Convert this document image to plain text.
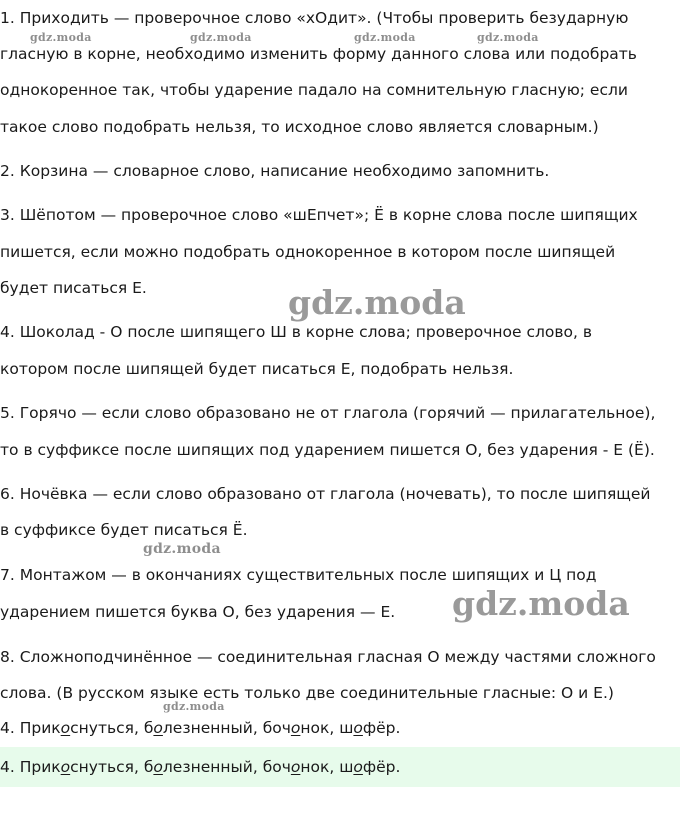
1. Приходить — проверочное слово «хОдит». (Чтобы проверить безударную
гласную в корне, необходимо изменить форму данного слова или подобрать
однокоренное так, чтобы ударение падало на сомнительную гласную; если
такое слово подобрать нельзя, то исходное слово является словарным.)
2. Корзина — словарное слово, написание необходимо запомнить.
3. Шёпотом — проверочное слово «шЕпчет»; Ё в корне слова после шипящих
пишется, если можно подобрать однокоренное в котором после шипящей
будет писаться Е.
4. Шоколад - О после шипящего Ш в корне слова; проверочное слово, в
котором после шипящей будет писаться Е, подобрать нельзя.
5. Горячо — если слово образовано не от глагола (горячий — прилагательное),
то в суффиксе после шипящих под ударением пишется О, без ударения - Е (Ё).
6. Ночёвка — если слово образовано от глагола (ночевать), то после шипящей
в суффиксе будет писаться Ё.
7. Монтажом — в окончаниях существительных после шипящих и Ц под
ударением пишется буква О, без ударения — Е.
8. Сложноподчинённое — соединительная гласная О между частями сложного
слова. (В русском языке есть только две соединительные гласные: О и Е.)
4. Прикоснуться, болезненный, бочонок, шофёр.
4. Прикоснуться, болезненный, бочонок, шофёр.
gdz.moda	gdz.moda	gdz.moda	gdz.moda
gdz.moda
gdz.moda
gdz.moda
gdz.moda
